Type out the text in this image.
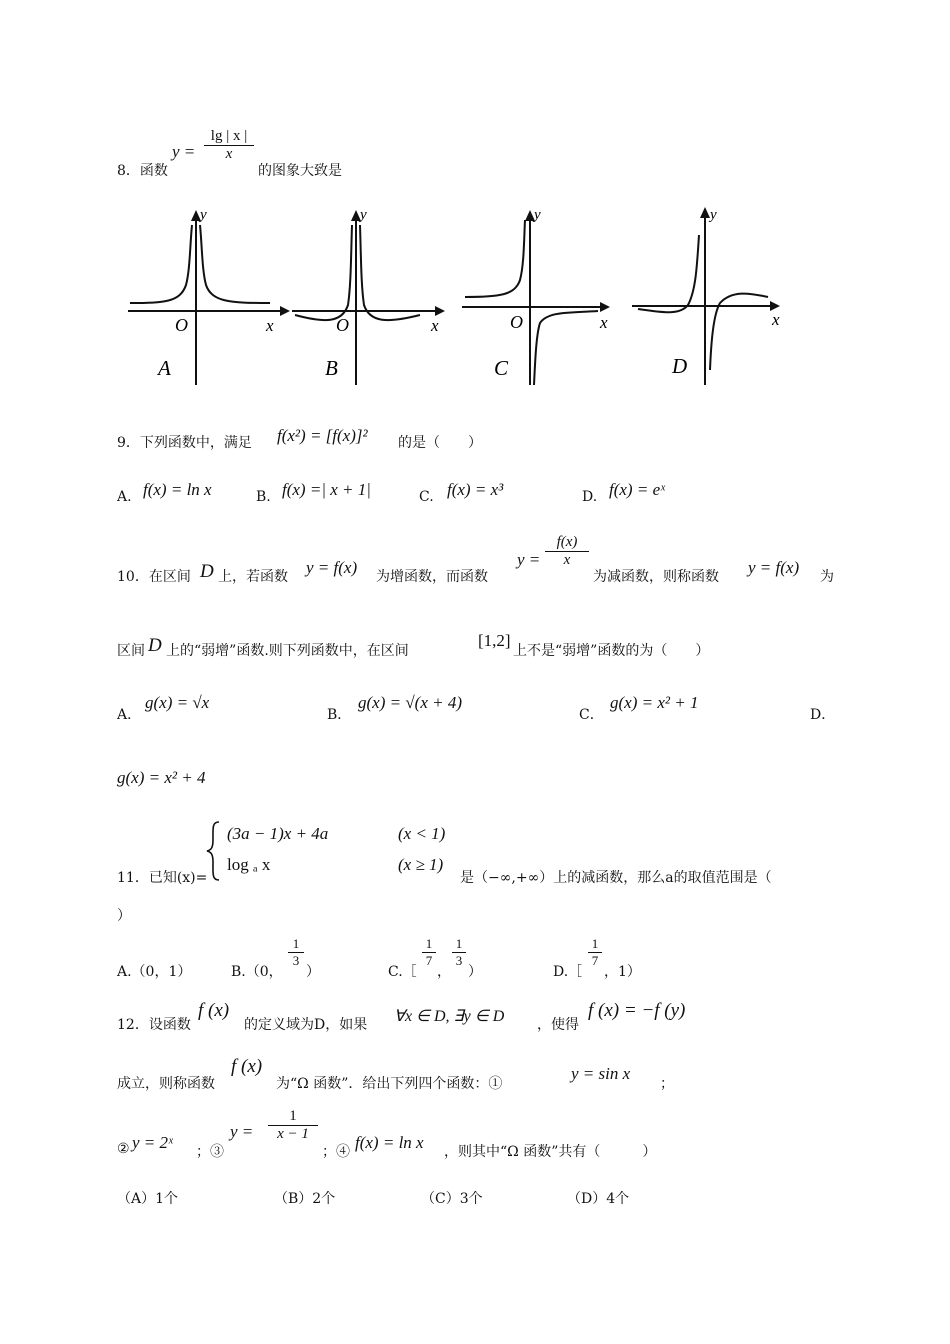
8．函数
y =
lg | x |
x
的图象大致是
y
O	x
A
y
O	x
B
y
O	x
C
y
x
D
9．下列函数中，满足 f(x²) = [f(x)]² 的是（　　）
A. f(x) = ln x	B. f(x) =| x + 1|	C. f(x) = x³	D. f(x) = eˣ
10．在区间 D 上，若函数 y = f(x) 为增函数，而函数
y =
f(x)
x
为减函数，则称函数 y = f(x) 为
区间 D 上的“弱增”函数.则下列函数中，在区间
[1,2]
上不是“弱增”函数的为（　　）
A．
g(x) = √x
B．
g(x) = √(x + 4)
C．
g(x) = x² + 1
D．
g(x) = x² + 4
11．已知(x)=
(3a − 1)x + 4a	(x < 1)
log ₐ x	(x ≥ 1)
是（−∞,+∞）上的减函数，那么a的取值范围是（
）
A.（0，1）	B.（0，
1
3
）	C.［
1
7
，
1
3
）	D.［
1
7
，1）
12．设函数
f (x)
的定义域为D，如果 ∀x ∈ D, ∃y ∈ D ，使得
f (x) = −f (y)
成立，则称函数
f (x)
为“Ω 函数”．给出下列四个函数：①
y = sin x
；
② y = 2ˣ ；③
y =
1
x − 1
；④ f(x) = ln x ，则其中“Ω 函数”共有（　　　）
（A）1个	（B）2个	（C）3个	（D）4个
